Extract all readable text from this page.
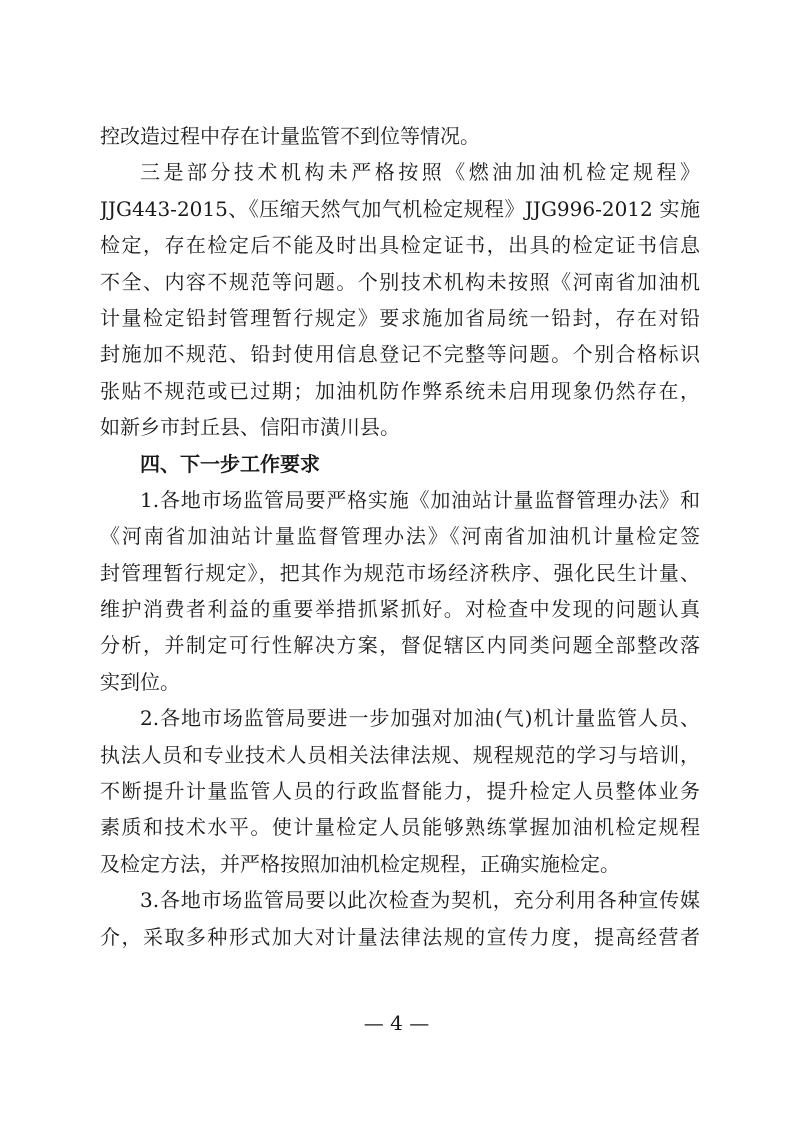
控改造过程中存在计量监管不到位等情况。
三是部分技术机构未严格按照《燃油加油机检定规程》
JJG443-2015、《压缩天然气加气机检定规程》JJG996-2012 实施
检定，存在检定后不能及时出具检定证书，出具的检定证书信息
不全、内容不规范等问题。个别技术机构未按照《河南省加油机
计量检定铅封管理暂行规定》要求施加省局统一铅封，存在对铅
封施加不规范、铅封使用信息登记不完整等问题。个别合格标识
张贴不规范或已过期；加油机防作弊系统未启用现象仍然存在，
如新乡市封丘县、信阳市潢川县。
四、下一步工作要求
1.各地市场监管局要严格实施《加油站计量监督管理办法》和
《河南省加油站计量监督管理办法》《河南省加油机计量检定签
封管理暂行规定》，把其作为规范市场经济秩序、强化民生计量、
维护消费者利益的重要举措抓紧抓好。对检查中发现的问题认真
分析，并制定可行性解决方案，督促辖区内同类问题全部整改落
实到位。
2.各地市场监管局要进一步加强对加油(气)机计量监管人员、
执法人员和专业技术人员相关法律法规、规程规范的学习与培训，
不断提升计量监管人员的行政监督能力，提升检定人员整体业务
素质和技术水平。使计量检定人员能够熟练掌握加油机检定规程
及检定方法，并严格按照加油机检定规程，正确实施检定。
3.各地市场监管局要以此次检查为契机，充分利用各种宣传媒
介，采取多种形式加大对计量法律法规的宣传力度，提高经营者
— 4 —
